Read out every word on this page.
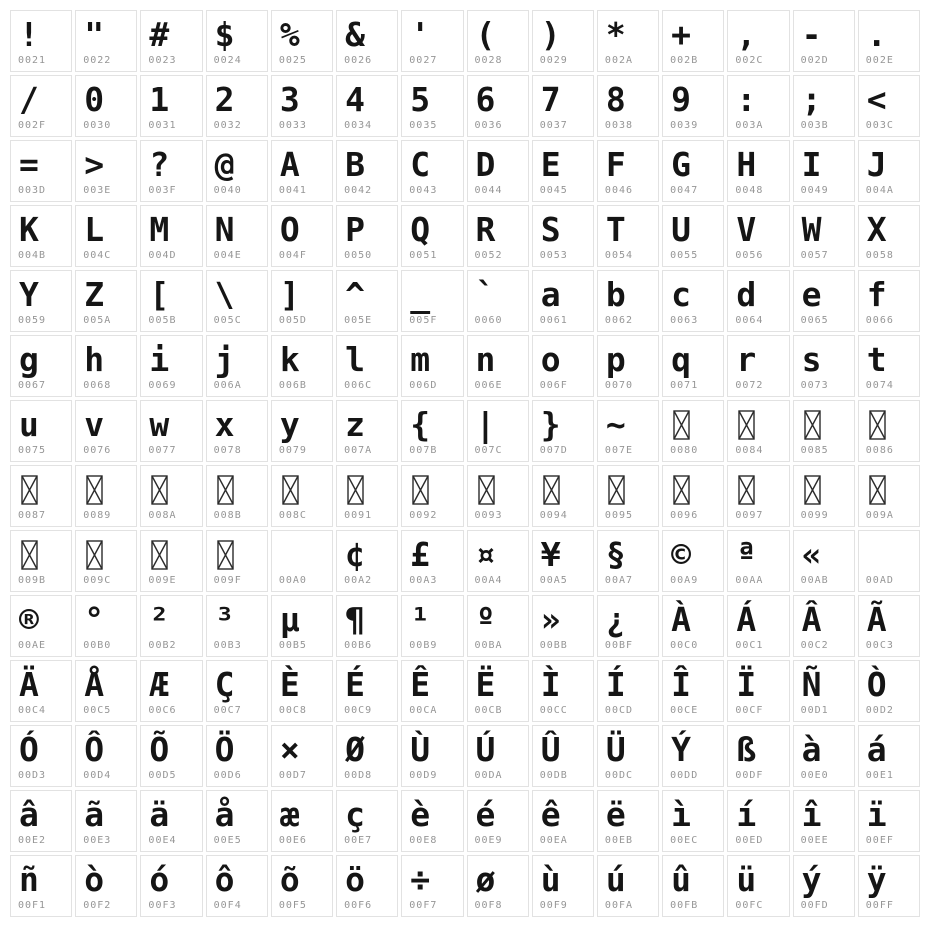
!
0021
"
0022
#
0023
$
0024
%
0025
&
0026
'
0027
(
0028
)
0029
*
002A
+
002B
,
002C
-
002D
.
002E
/
002F
0
0030
1
0031
2
0032
3
0033
4
0034
5
0035
6
0036
7
0037
8
0038
9
0039
:
003A
;
003B
<
003C
=
003D
>
003E
?
003F
@
0040
A
0041
B
0042
C
0043
D
0044
E
0045
F
0046
G
0047
H
0048
I
0049
J
004A
K
004B
L
004C
M
004D
N
004E
O
004F
P
0050
Q
0051
R
0052
S
0053
T
0054
U
0055
V
0056
W
0057
X
0058
Y
0059
Z
005A
[
005B
\
005C
]
005D
^
005E
_
005F
`
0060
a
0061
b
0062
c
0063
d
0064
e
0065
f
0066
g
0067
h
0068
i
0069
j
006A
k
006B
l
006C
m
006D
n
006E
o
006F
p
0070
q
0071
r
0072
s
0073
t
0074
u
0075
v
0076
w
0077
x
0078
y
0079
z
007A
{
007B
|
007C
}
007D
~
007E	0080	0084	0085	0086
0087	0089	008A	008B	008C	0091	0092	0093	0094	0095	0096	0097	0099	009A
009B	009C	009E	009F	00A0
¢
00A2
£
00A3
¤
00A4
¥
00A5
§
00A7
©
00A9
ª
00AA
«
00AB	00AD
®
00AE
°
00B0
²
00B2
³
00B3
µ
00B5
¶
00B6
¹
00B9
º
00BA
»
00BB
¿
00BF
À
00C0
Á
00C1
Â
00C2
Ã
00C3
Ä
00C4
Å
00C5
Æ
00C6
Ç
00C7
È
00C8
É
00C9
Ê
00CA
Ë
00CB
Ì
00CC
Í
00CD
Î
00CE
Ï
00CF
Ñ
00D1
Ò
00D2
Ó
00D3
Ô
00D4
Õ
00D5
Ö
00D6
×
00D7
Ø
00D8
Ù
00D9
Ú
00DA
Û
00DB
Ü
00DC
Ý
00DD
ß
00DF
à
00E0
á
00E1
â
00E2
ã
00E3
ä
00E4
å
00E5
æ
00E6
ç
00E7
è
00E8
é
00E9
ê
00EA
ë
00EB
ì
00EC
í
00ED
î
00EE
ï
00EF
ñ
00F1
ò
00F2
ó
00F3
ô
00F4
õ
00F5
ö
00F6
÷
00F7
ø
00F8
ù
00F9
ú
00FA
û
00FB
ü
00FC
ý
00FD
ÿ
00FF
